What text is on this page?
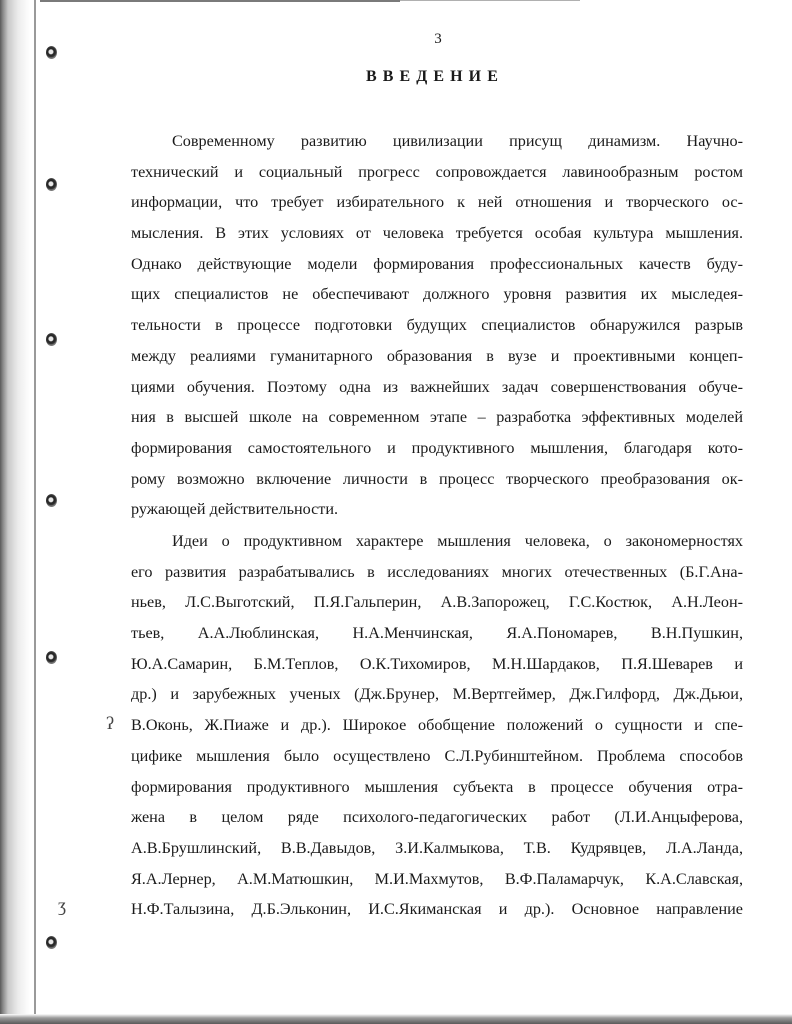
ʔ
ʒ
3
ВВЕДЕНИЕ
Современному развитию цивилизации присущ динамизм. Научно-
технический и социальный прогресс сопровождается лавинообразным ростом
информации, что требует избирательного к ней отношения и творческого ос-
мысления. В этих условиях от человека требуется особая культура мышления.
Однако действующие модели формирования профессиональных качеств буду-
щих специалистов не обеспечивают должного уровня развития их мыследея-
тельности в процессе подготовки будущих специалистов обнаружился разрыв
между реалиями гуманитарного образования в вузе и проективными концеп-
циями обучения. Поэтому одна из важнейших задач совершенствования обуче-
ния в высшей школе на современном этапе – разработка эффективных моделей
формирования самостоятельного и продуктивного мышления, благодаря кото-
рому возможно включение личности в процесс творческого преобразования ок-
ружающей действительности.
Идеи о продуктивном характере мышления человека, о закономерностях
его развития разрабатывались в исследованиях многих отечественных (Б.Г.Ана-
ньев, Л.С.Выготский, П.Я.Гальперин, А.В.Запорожец, Г.С.Костюк, А.Н.Леон-
тьев, А.А.Люблинская, Н.А.Менчинская, Я.А.Пономарев, В.Н.Пушкин,
Ю.А.Самарин, Б.М.Теплов, О.К.Тихомиров, М.Н.Шардаков, П.Я.Шеварев и
др.) и зарубежных ученых (Дж.Брунер, М.Вертгеймер, Дж.Гилфорд, Дж.Дьюи,
В.Оконь, Ж.Пиаже и др.). Широкое обобщение положений о сущности и спе-
цифике мышления было осуществлено С.Л.Рубинштейном. Проблема способов
формирования продуктивного мышления субъекта в процессе обучения отра-
жена в целом ряде психолого-педагогических работ (Л.И.Анцыферова,
А.В.Брушлинский, В.В.Давыдов, З.И.Калмыкова, Т.В. Кудрявцев, Л.А.Ланда,
Я.А.Лернер, А.М.Матюшкин, М.И.Махмутов, В.Ф.Паламарчук, К.А.Славская,
Н.Ф.Талызина, Д.Б.Эльконин, И.С.Якиманская и др.). Основное направление
